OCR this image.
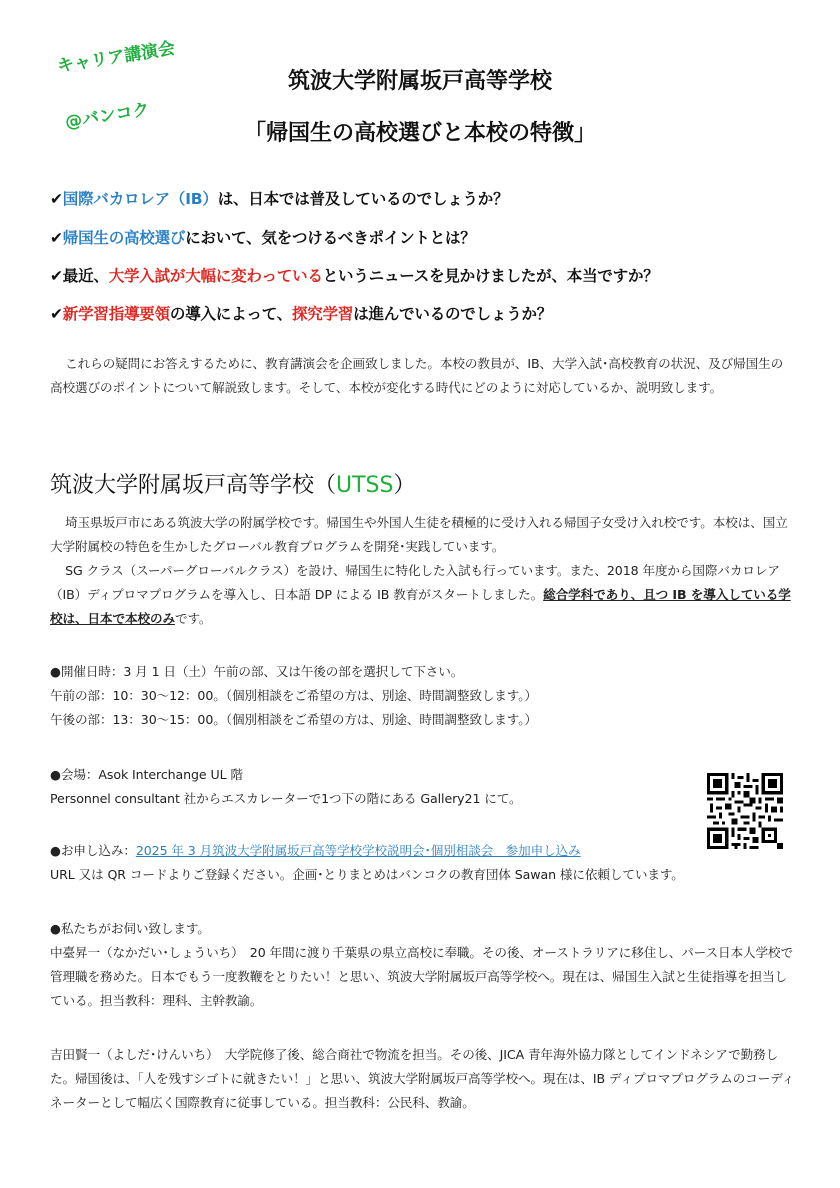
キャリア講演会
@バンコク
筑波大学附属坂戸高等学校
「帰国生の高校選びと本校の特徴」
✔国際バカロレア（IB）は、日本では普及しているのでしょうか？
✔帰国生の高校選びにおいて、気をつけるべきポイントとは？
✔最近、大学入試が大幅に変わっているというニュースを見かけましたが、本当ですか？
✔新学習指導要領の導入によって、探究学習は進んでいるのでしょうか？

これらの疑問にお答えするために、教育講演会を企画致しました。本校の教員が、IB、大学入試･高校教育の状況、及び帰国生の高校選びのポイントについて解説致します。そして、本校が変化する時代にどのように対応しているか、説明致します。

筑波大学附属坂戸高等学校（UTSS）

埼玉県坂戸市にある筑波大学の附属学校です。帰国生や外国人生徒を積極的に受け入れる帰国子女受け入れ校です。本校は、国立大学附属校の特色を生かしたグローバル教育プログラムを開発･実践しています。

SG クラス（スーパーグローバルクラス）を設け、帰国生に特化した入試も行っています。また、2018 年度から国際バカロレア（IB）ディプロマプログラムを導入し、日本語 DP による IB 教育がスタートしました。総合学科であり、且つ IB を導入している学校は、日本で本校のみです。

●開催日時：3 月 1 日（土）午前の部、又は午後の部を選択して下さい。

午前の部：10：30～12：00。（個別相談をご希望の方は、別途、時間調整致します。）

午後の部：13：30～15：00。（個別相談をご希望の方は、別途、時間調整致します。）

●会場：Asok Interchange UL 階

Personnel consultant 社からエスカレーターで1つ下の階にある Gallery21 にて。

●お申し込み：2025 年 3 月筑波大学附属坂戸高等学校学校説明会･個別相談会　参加申し込み

URL 又は QR コードよりご登録ください。企画･とりまとめはバンコクの教育団体 Sawan 様に依頼しています。

●私たちがお伺い致します。

中臺昇一（なかだい･しょういち）　20 年間に渡り千葉県の県立高校に奉職。その後、オーストラリアに移住し、パース日本人学校で管理職を務めた。日本でもう一度教鞭をとりたい！と思い、筑波大学附属坂戸高等学校へ。現在は、帰国生入試と生徒指導を担当している。担当教科：理科、主幹教諭。

吉田賢一（よしだ･けんいち）　大学院修了後、総合商社で物流を担当。その後、JICA 青年海外協力隊としてインドネシアで勤務した。帰国後は、「人を残すシゴトに就きたい！」と思い、筑波大学附属坂戸高等学校へ。現在は、IB ディプロマプログラムのコーディネーターとして幅広く国際教育に従事している。担当教科：公民科、教諭。
